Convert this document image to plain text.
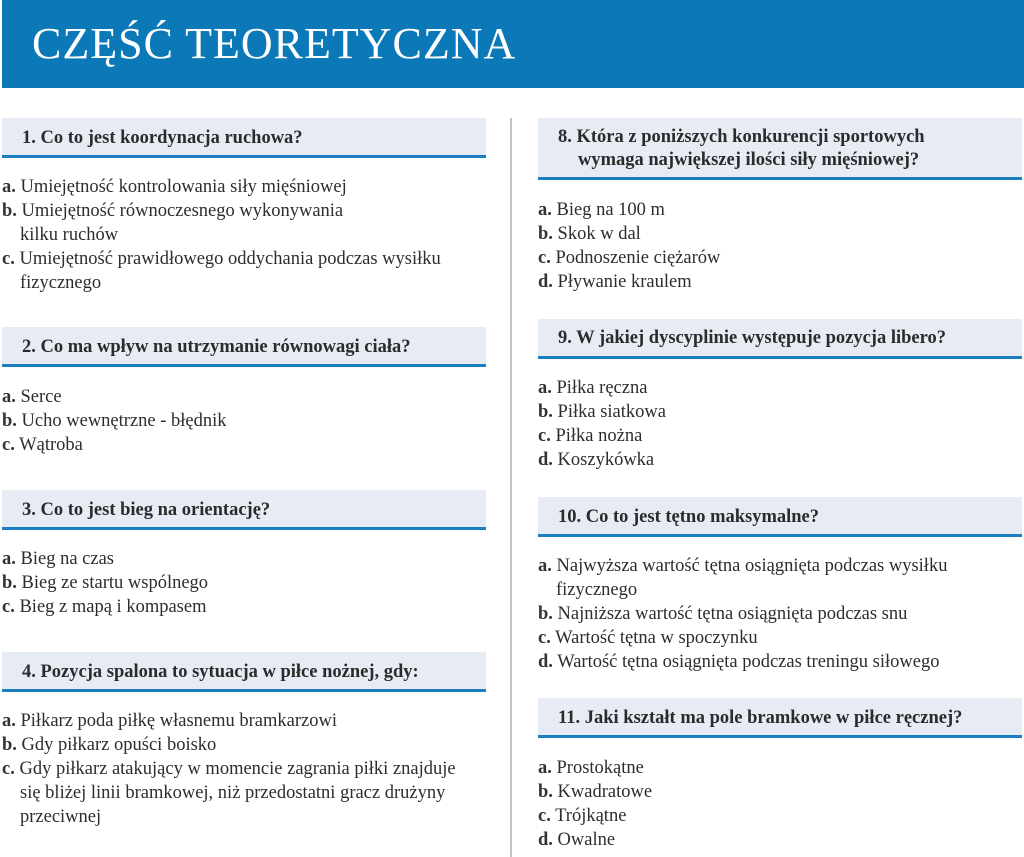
CZĘŚĆ TEORETYCZNA
1. Co to jest koordynacja ruchowa?
a. Umiejętność kontrolowania siły mięśniowej
b. Umiejętność równoczesnego wykonywania
kilku ruchów
c. Umiejętność prawidłowego oddychania podczas wysiłku
fizycznego
2. Co ma wpływ na utrzymanie równowagi ciała?
a. Serce
b. Ucho wewnętrzne - błędnik
c. Wątroba
3. Co to jest bieg na orientację?
a. Bieg na czas
b. Bieg ze startu wspólnego
c. Bieg z mapą i kompasem
4. Pozycja spalona to sytuacja w piłce nożnej, gdy:
a. Piłkarz poda piłkę własnemu bramkarzowi
b. Gdy piłkarz opuści boisko
c. Gdy piłkarz atakujący w momencie zagrania piłki znajduje
się bliżej linii bramkowej, niż przedostatni gracz drużyny
przeciwnej
8. Która z poniższych konkurencji sportowych
wymaga największej ilości siły mięśniowej?
a. Bieg na 100 m
b. Skok w dal
c. Podnoszenie ciężarów
d. Pływanie kraulem
9. W jakiej dyscyplinie występuje pozycja libero?
a. Piłka ręczna
b. Piłka siatkowa
c. Piłka nożna
d. Koszykówka
10. Co to jest tętno maksymalne?
a. Najwyższa wartość tętna osiągnięta podczas wysiłku
fizycznego
b. Najniższa wartość tętna osiągnięta podczas snu
c. Wartość tętna w spoczynku
d. Wartość tętna osiągnięta podczas treningu siłowego
11. Jaki kształt ma pole bramkowe w piłce ręcznej?
a. Prostokątne
b. Kwadratowe
c. Trójkątne
d. Owalne
